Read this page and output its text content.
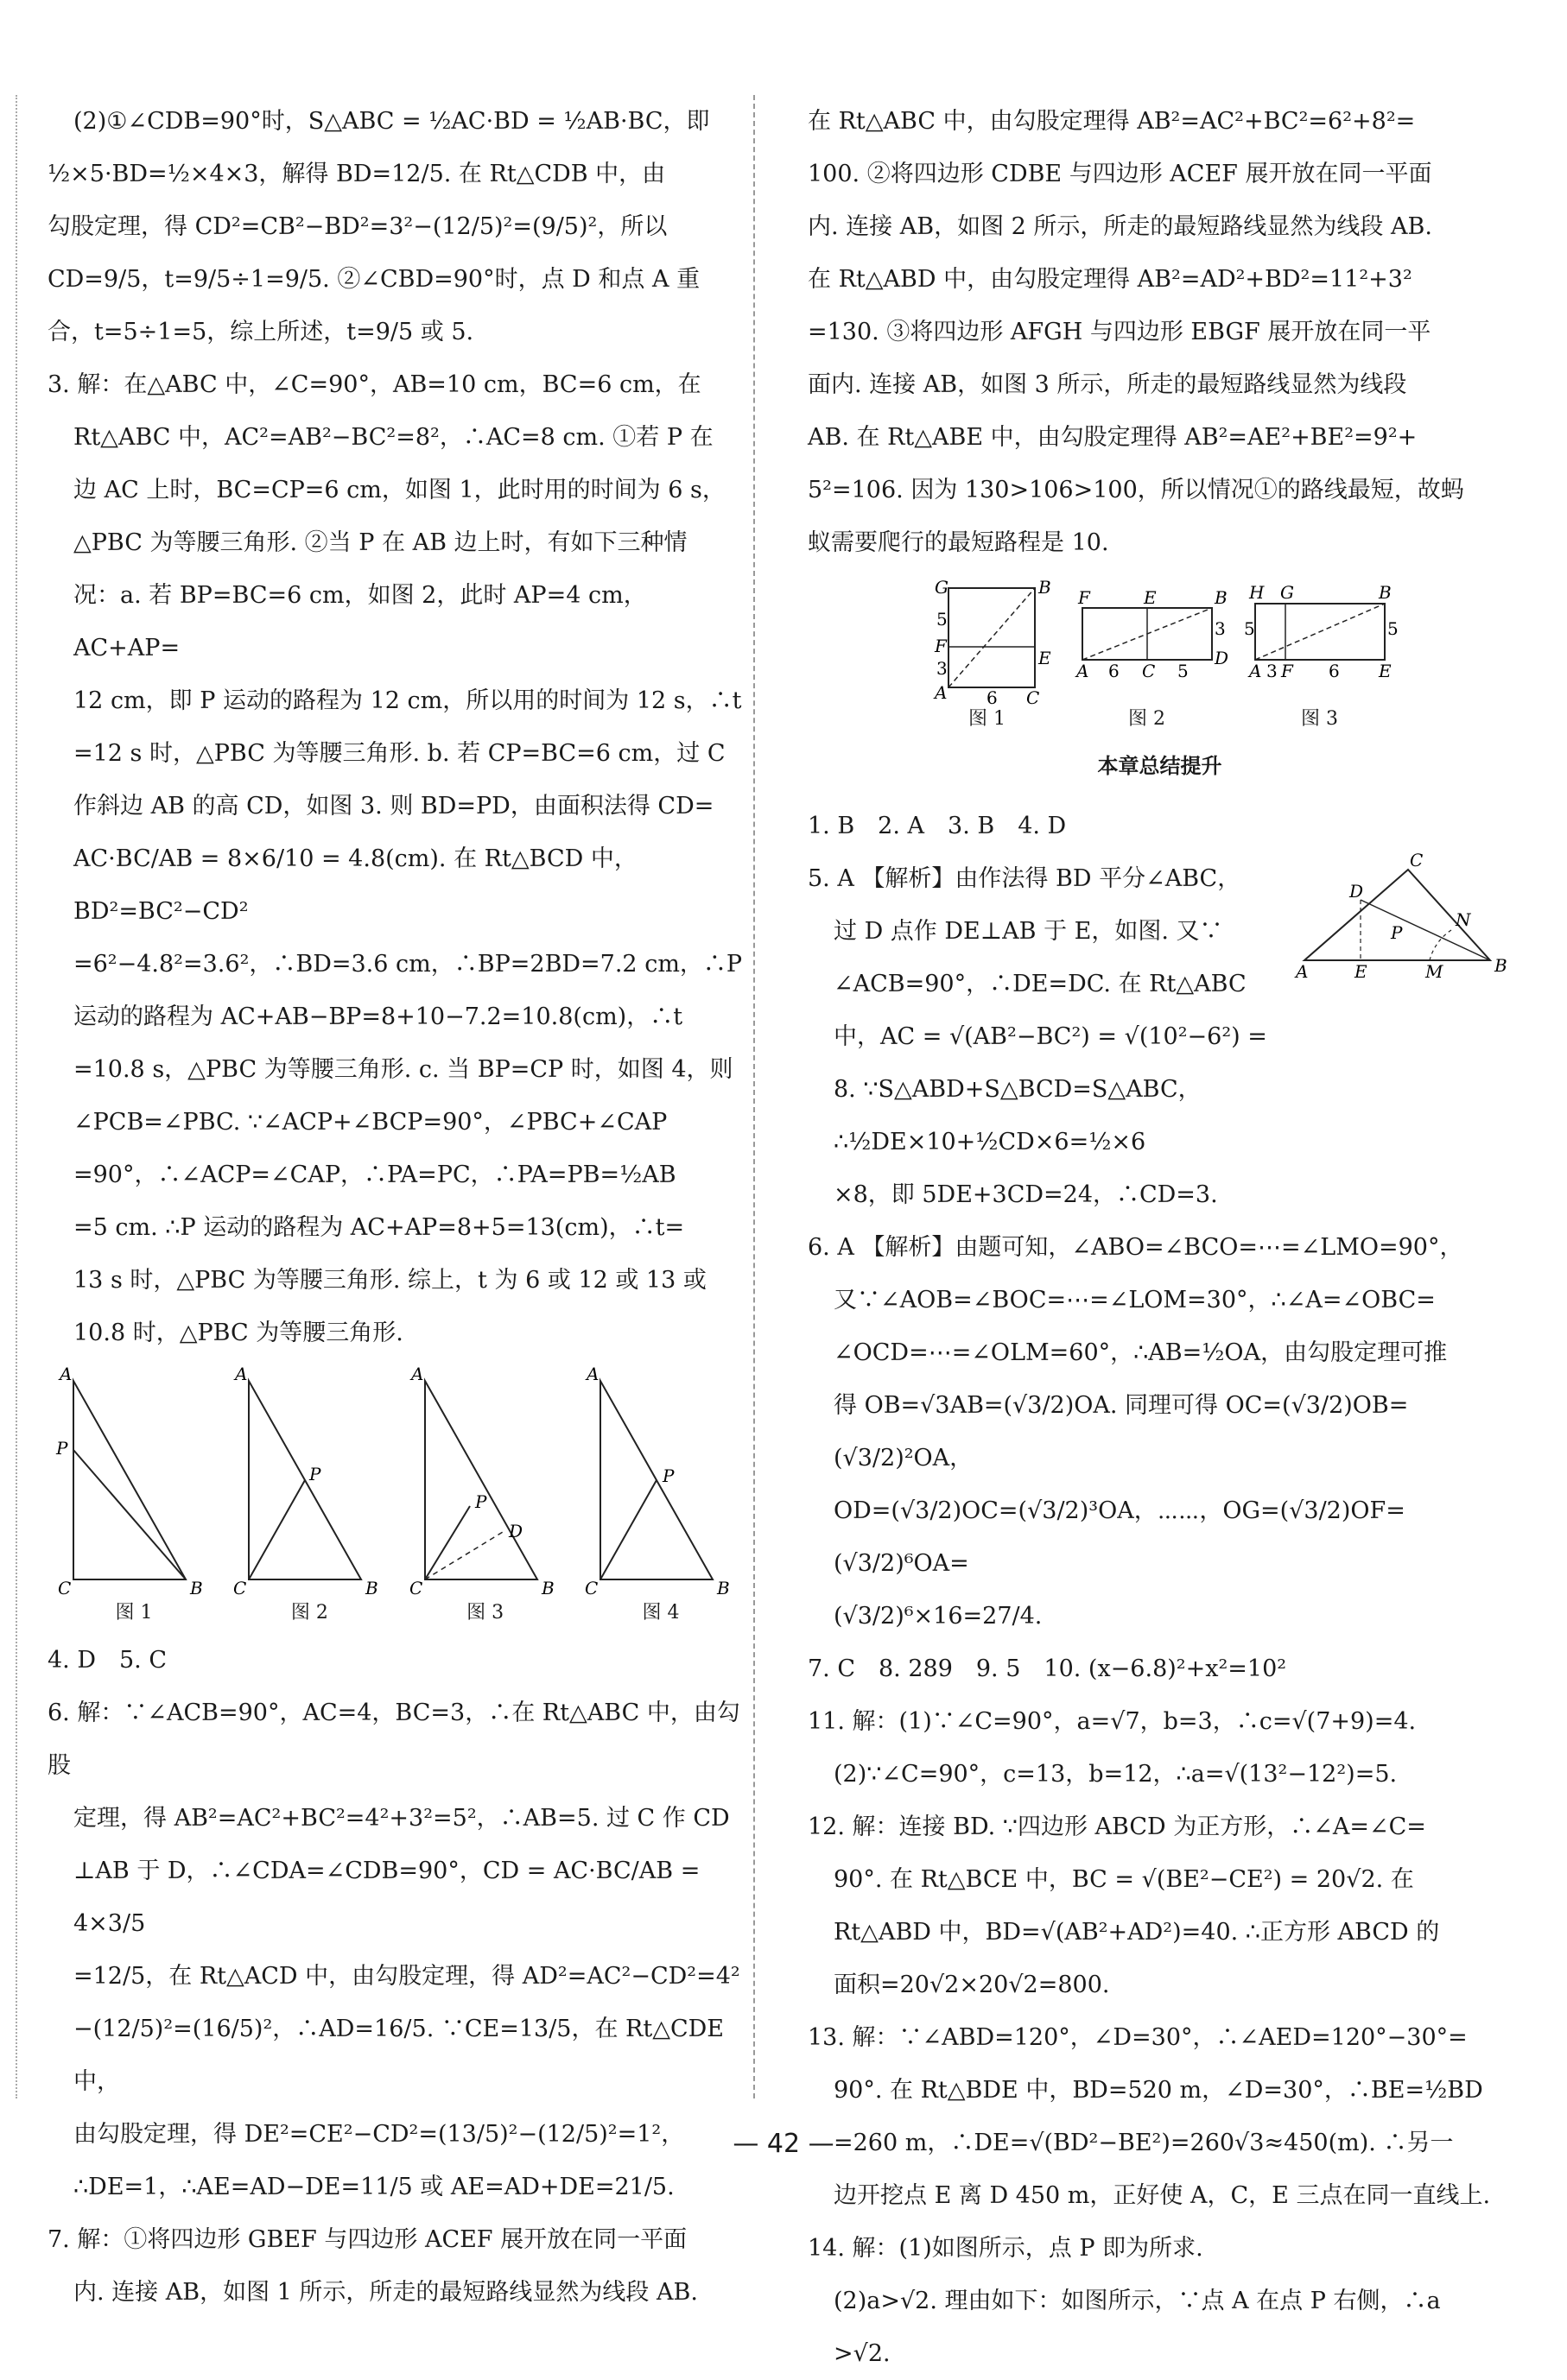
(2)①∠CDB=90°时，S△ABC = ½AC·BD = ½AB·BC，即

½×5·BD=½×4×3，解得 BD=12/5. 在 Rt△CDB 中，由

勾股定理，得 CD²=CB²−BD²=3²−(12/5)²=(9/5)²，所以

CD=9/5，t=9/5÷1=9/5. ②∠CBD=90°时，点 D 和点 A 重

合，t=5÷1=5，综上所述，t=9/5 或 5.

3. 解：在△ABC 中，∠C=90°，AB=10 cm，BC=6 cm，在

Rt△ABC 中，AC²=AB²−BC²=8²，∴AC=8 cm. ①若 P 在

边 AC 上时，BC=CP=6 cm，如图 1，此时用的时间为 6 s，

△PBC 为等腰三角形. ②当 P 在 AB 边上时，有如下三种情

况：a. 若 BP=BC=6 cm，如图 2，此时 AP=4 cm，AC+AP=

12 cm，即 P 运动的路程为 12 cm，所以用的时间为 12 s，∴t

=12 s 时，△PBC 为等腰三角形. b. 若 CP=BC=6 cm，过 C

作斜边 AB 的高 CD，如图 3. 则 BD=PD，由面积法得 CD=

AC·BC/AB = 8×6/10 = 4.8(cm). 在 Rt△BCD 中，BD²=BC²−CD²

=6²−4.8²=3.6²，∴BD=3.6 cm，∴BP=2BD=7.2 cm，∴P

运动的路程为 AC+AB−BP=8+10−7.2=10.8(cm)，∴t

=10.8 s，△PBC 为等腰三角形. c. 当 BP=CP 时，如图 4，则

∠PCB=∠PBC. ∵∠ACP+∠BCP=90°，∠PBC+∠CAP

=90°，∴∠ACP=∠CAP，∴PA=PC，∴PA=PB=½AB

=5 cm. ∴P 运动的路程为 AC+AP=8+5=13(cm)，∴t=

13 s 时，△PBC 为等腰三角形. 综上，t 为 6 或 12 或 13 或

10.8 时，△PBC 为等腰三角形.

A
P
C	B
图 1
A
P
C	B
图 2
A
P
D
C	B
图 3
A
P
C	B
图 4

4. D　5. C

6. 解：∵∠ACB=90°，AC=4，BC=3，∴在 Rt△ABC 中，由勾股

定理，得 AB²=AC²+BC²=4²+3²=5²，∴AB=5. 过 C 作 CD

⊥AB 于 D，∴∠CDA=∠CDB=90°，CD = AC·BC/AB = 4×3/5

=12/5，在 Rt△ACD 中，由勾股定理，得 AD²=AC²−CD²=4²

−(12/5)²=(16/5)²，∴AD=16/5. ∵CE=13/5，在 Rt△CDE 中，

由勾股定理，得 DE²=CE²−CD²=(13/5)²−(12/5)²=1²，

∴DE=1，∴AE=AD−DE=11/5 或 AE=AD+DE=21/5.

7. 解：①将四边形 GBEF 与四边形 ACEF 展开放在同一平面

内. 连接 AB，如图 1 所示，所走的最短路线显然为线段 AB.

在 Rt△ABC 中，由勾股定理得 AB²=AC²+BC²=6²+8²=

100. ②将四边形 CDBE 与四边形 ACEF 展开放在同一平面

内. 连接 AB，如图 2 所示，所走的最短路线显然为线段 AB.

在 Rt△ABD 中，由勾股定理得 AB²=AD²+BD²=11²+3²

=130. ③将四边形 AFGH 与四边形 EBGF 展开放在同一平

面内. 连接 AB，如图 3 所示，所走的最短路线显然为线段

AB. 在 Rt△ABE 中，由勾股定理得 AB²=AE²+BE²=9²+

5²=106. 因为 130>106>100，所以情况①的路线最短，故蚂

蚁需要爬行的最短路程是 10.

G	B
5
F
E
3
A 6 C
图 1
F	E	B
3
D
A 6 C 5
图 2
H G	B
5	5
A 3 F 6 E
图 3
本章总结提升

1. B　2. A　3. B　4. D

A	E	M	B
C
D
P
N

5. A 【解析】由作法得 BD 平分∠ABC，

过 D 点作 DE⊥AB 于 E，如图. 又∵

∠ACB=90°，∴DE=DC. 在 Rt△ABC

中，AC = √(AB²−BC²) = √(10²−6²) =

8. ∵S△ABD+S△BCD=S△ABC，∴½DE×10+½CD×6=½×6

×8，即 5DE+3CD=24，∴CD=3.

6. A 【解析】由题可知，∠ABO=∠BCO=⋯=∠LMO=90°，

又∵∠AOB=∠BOC=⋯=∠LOM=30°，∴∠A=∠OBC=

∠OCD=⋯=∠OLM=60°，∴AB=½OA，由勾股定理可推

得 OB=√3AB=(√3/2)OA. 同理可得 OC=(√3/2)OB=(√3/2)²OA，

OD=(√3/2)OC=(√3/2)³OA，⋯⋯，OG=(√3/2)OF=(√3/2)⁶OA=

(√3/2)⁶×16=27/4.

7. C　8. 289　9. 5　10. (x−6.8)²+x²=10²

11. 解：(1)∵∠C=90°，a=√7，b=3，∴c=√(7+9)=4.

(2)∵∠C=90°，c=13，b=12，∴a=√(13²−12²)=5.

12. 解：连接 BD. ∵四边形 ABCD 为正方形，∴∠A=∠C=

90°. 在 Rt△BCE 中，BC = √(BE²−CE²) = 20√2. 在

Rt△ABD 中，BD=√(AB²+AD²)=40. ∴正方形 ABCD 的

面积=20√2×20√2=800.

13. 解：∵∠ABD=120°，∠D=30°，∴∠AED=120°−30°=

90°. 在 Rt△BDE 中，BD=520 m，∠D=30°，∴BE=½BD

=260 m，∴DE=√(BD²−BE²)=260√3≈450(m). ∴另一

边开挖点 E 离 D 450 m，正好使 A，C，E 三点在同一直线上.

14. 解：(1)如图所示，点 P 即为所求.

(2)a>√2. 理由如下：如图所示，∵点 A 在点 P 右侧，∴a

>√2.

— 42 —
